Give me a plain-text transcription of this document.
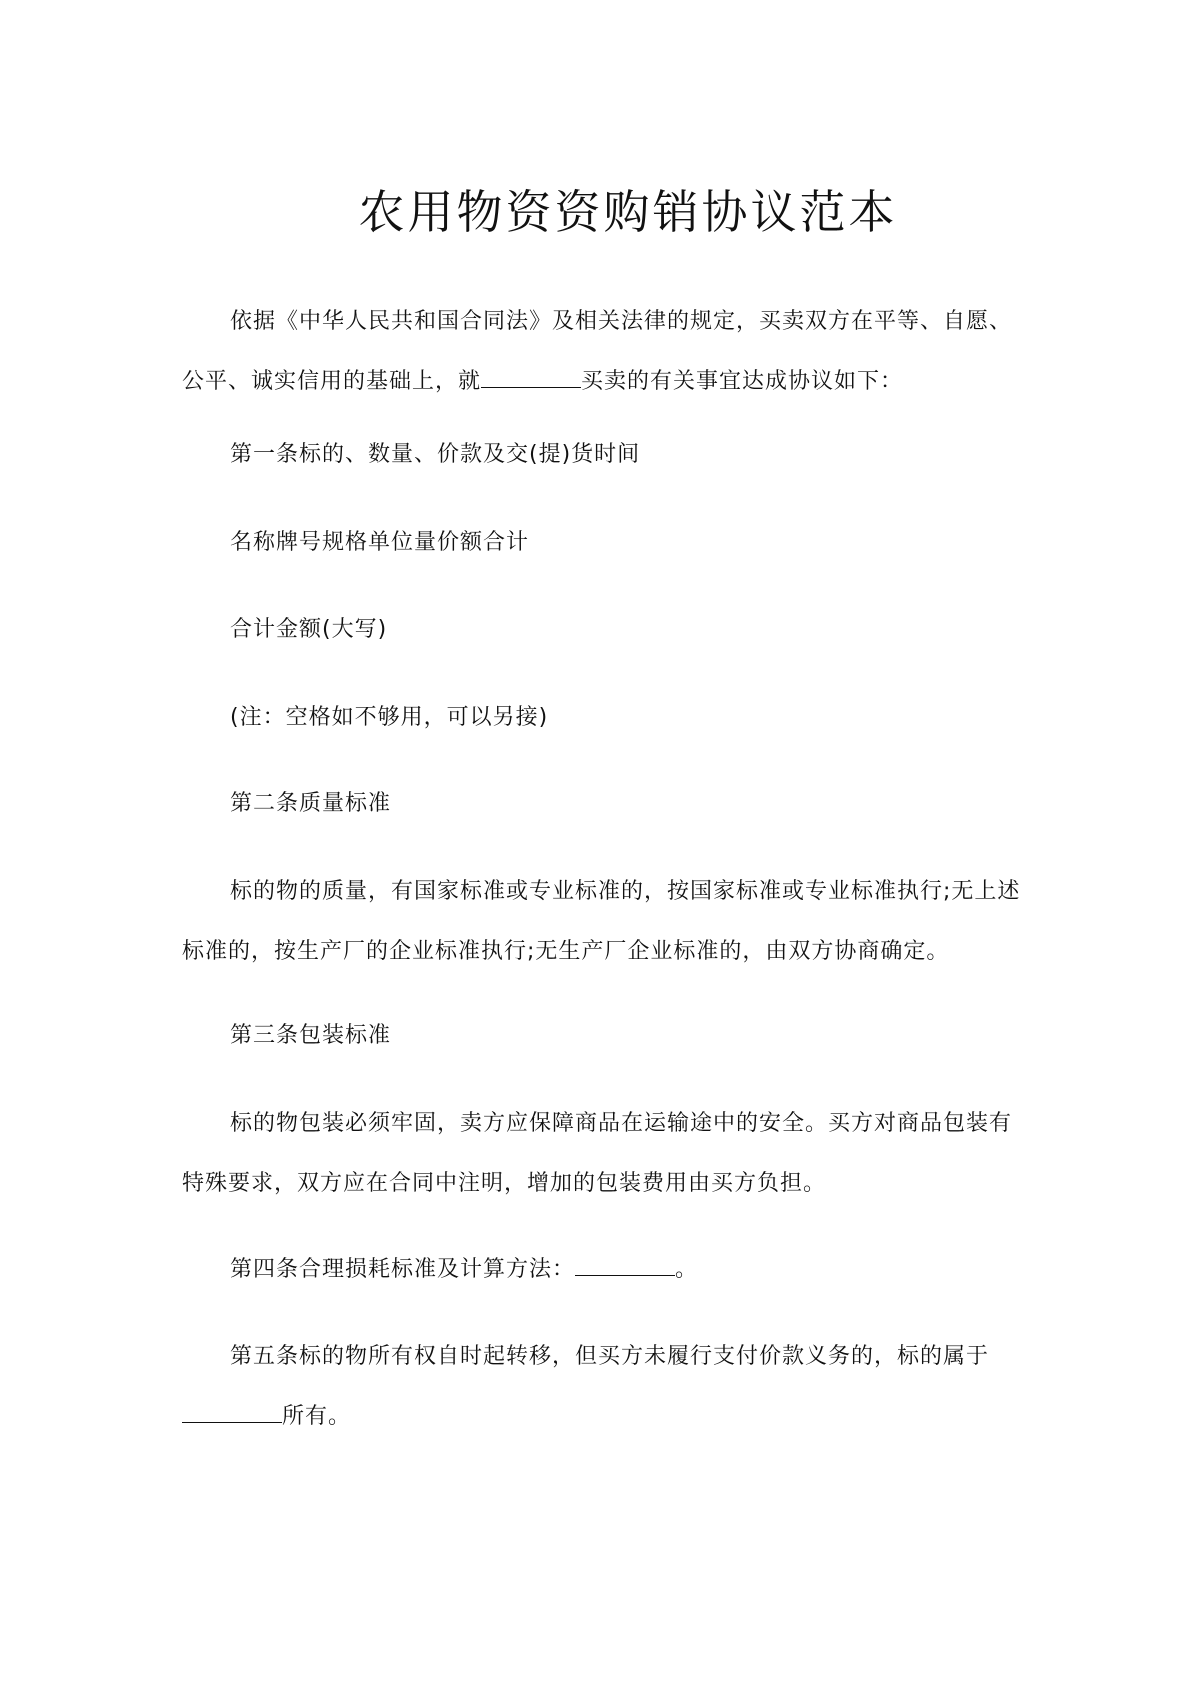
农用物资资购销协议范本

依据《中华人民共和国合同法》及相关法律的规定，买卖双方在平等、自愿、公平、诚实信用的基础上，就	买卖的有关事宜达成协议如下：

第一条标的、数量、价款及交(提)货时间

名称牌号规格单位量价额合计

合计金额(大写)

(注：空格如不够用，可以另接)

第二条质量标准

标的物的质量，有国家标准或专业标准的，按国家标准或专业标准执行;无上述标准的，按生产厂的企业标准执行;无生产厂企业标准的，由双方协商确定。

第三条包装标准

标的物包装必须牢固，卖方应保障商品在运输途中的安全。买方对商品包装有特殊要求，双方应在合同中注明，增加的包装费用由买方负担。

第四条合理损耗标准及计算方法：	。

第五条标的物所有权自时起转移，但买方未履行支付价款义务的，标的属于所有。
